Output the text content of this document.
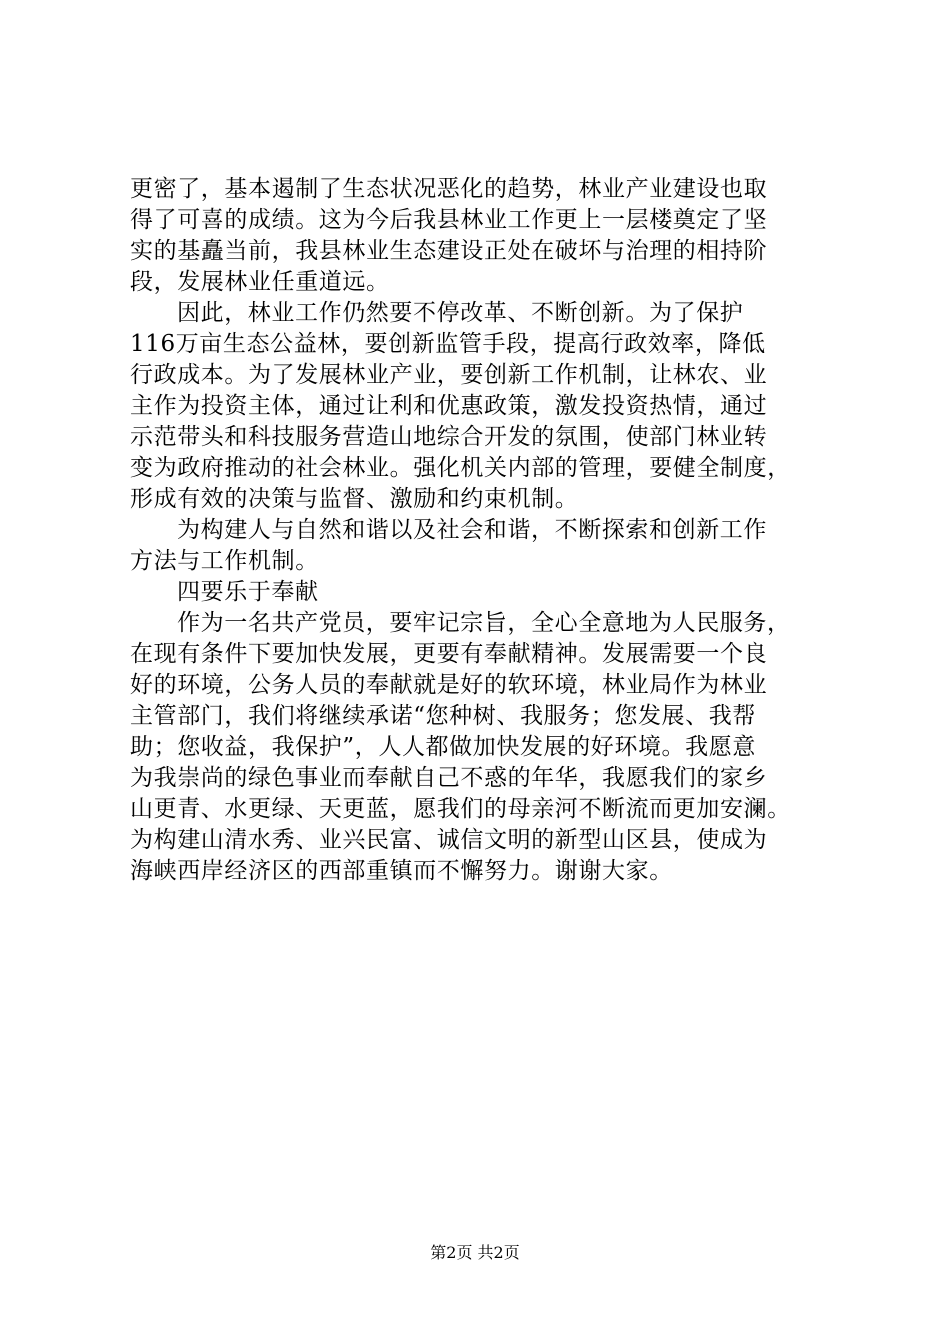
更密了，基本遏制了生态状况恶化的趋势，林业产业建设也取
得了可喜的成绩。这为今后我县林业工作更上一层楼奠定了坚
实的基矗当前，我县林业生态建设正处在破坏与治理的相持阶
段，发展林业任重道远。
因此，林业工作仍然要不停改革、不断创新。为了保护
116万亩生态公益林，要创新监管手段，提高行政效率，降低
行政成本。为了发展林业产业，要创新工作机制，让林农、业
主作为投资主体，通过让利和优惠政策，激发投资热情，通过
示范带头和科技服务营造山地综合开发的氛围，使部门林业转
变为政府推动的社会林业。强化机关内部的管理，要健全制度，
形成有效的决策与监督、激励和约束机制。
为构建人与自然和谐以及社会和谐，不断探索和创新工作
方法与工作机制。
四要乐于奉献
作为一名共产党员，要牢记宗旨，全心全意地为人民服务，
在现有条件下要加快发展，更要有奉献精神。发展需要一个良
好的环境，公务人员的奉献就是好的软环境，林业局作为林业
主管部门，我们将继续承诺“您种树、我服务；您发展、我帮
助；您收益，我保护”，人人都做加快发展的好环境。我愿意
为我崇尚的绿色事业而奉献自己不惑的年华，我愿我们的家乡
山更青、水更绿、天更蓝，愿我们的母亲河不断流而更加安澜。
为构建山清水秀、业兴民富、诚信文明的新型山区县，使成为
海峡西岸经济区的西部重镇而不懈努力。谢谢大家。
第2页 共2页
